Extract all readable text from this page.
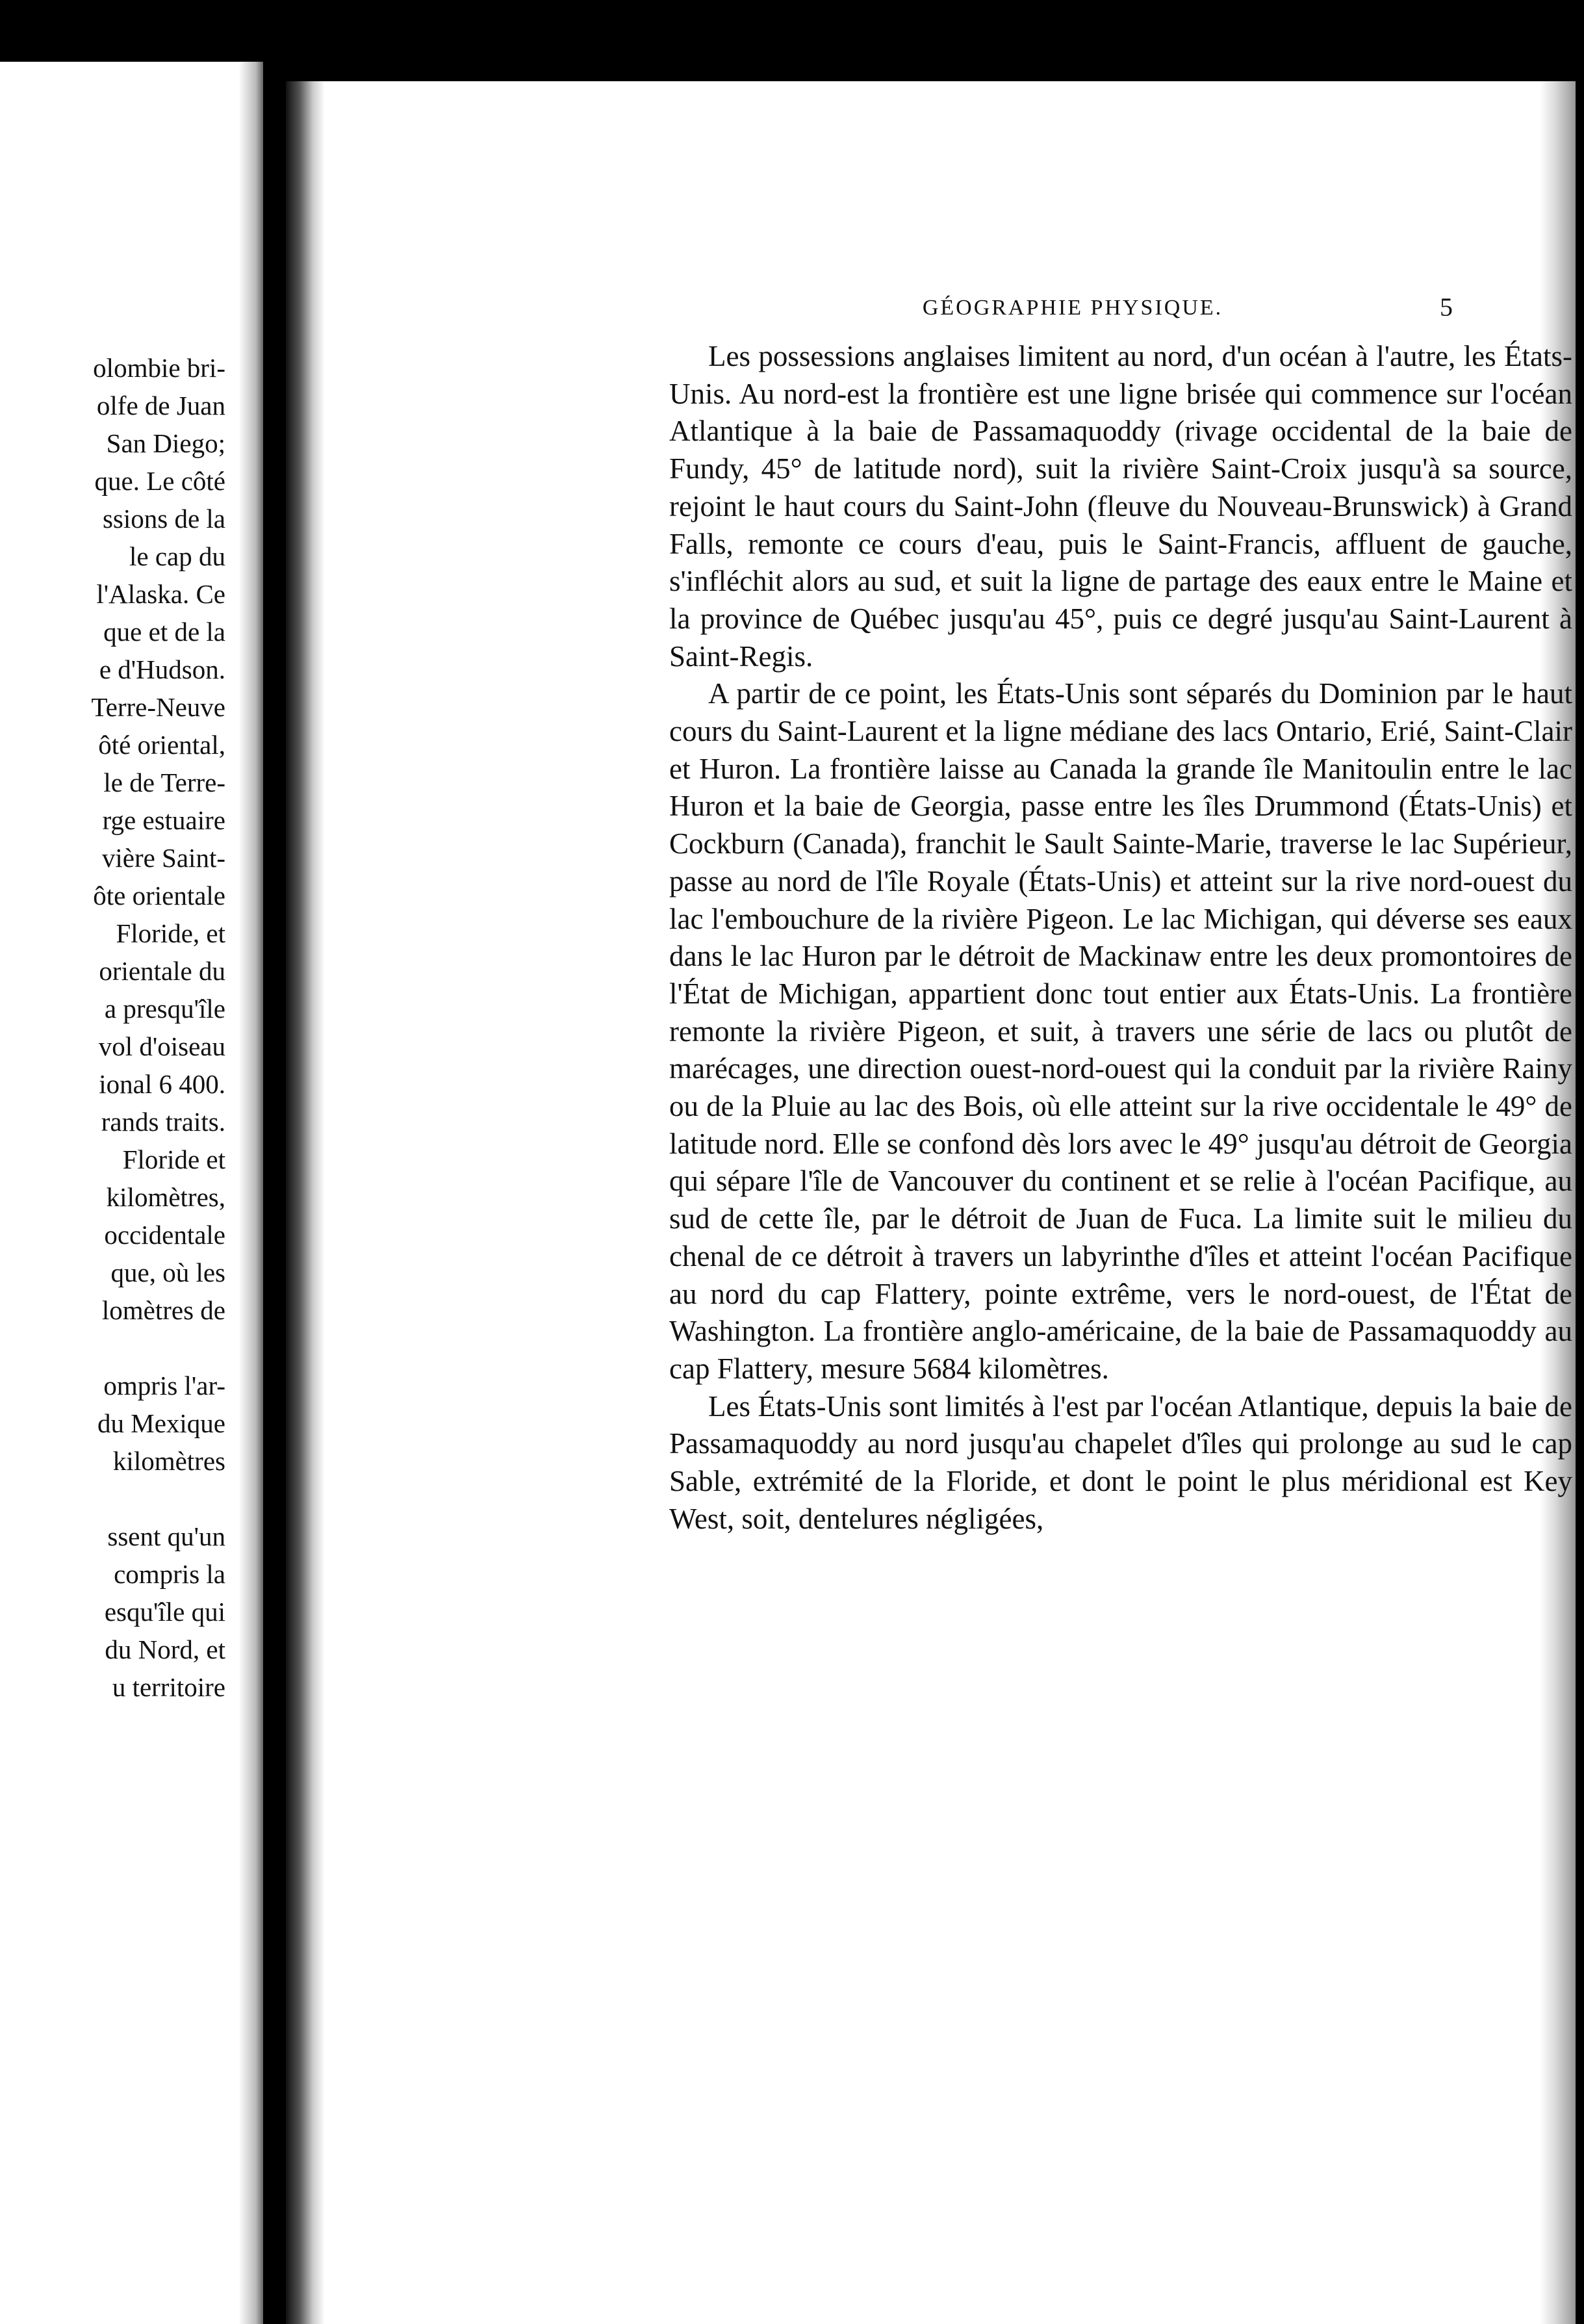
olombie bri-
olfe de Juan
San Diego;
que. Le côté
ssions de la
le cap du
l'Alaska. Ce
que et de la
e d'Hudson.
Terre-Neuve
ôté oriental,
le de Terre-
rge estuaire
vière Saint-
ôte orientale
Floride, et
orientale du
a presqu'île
vol d'oiseau
ional 6 400.
rands traits.
Floride et
kilomètres,
occidentale
que, où les
lomètres de
ompris l'ar-
du Mexique
kilomètres
ssent qu'un
compris la
esqu'île qui
du Nord, et
u territoire
GÉOGRAPHIE PHYSIQUE.	5

Les possessions anglaises limitent au nord, d'un océan à l'autre, les États-Unis. Au nord-est la frontière est une ligne brisée qui commence sur l'océan Atlantique à la baie de Passamaquoddy (rivage occidental de la baie de Fundy, 45° de latitude nord), suit la rivière Saint-Croix jusqu'à sa source, rejoint le haut cours du Saint-John (fleuve du Nouveau-Brunswick) à Grand Falls, remonte ce cours d'eau, puis le Saint-Francis, affluent de gauche, s'infléchit alors au sud, et suit la ligne de partage des eaux entre le Maine et la province de Québec jusqu'au 45°, puis ce degré jusqu'au Saint-Laurent à Saint-Regis.

A partir de ce point, les États-Unis sont séparés du Dominion par le haut cours du Saint-Laurent et la ligne médiane des lacs Ontario, Erié, Saint-Clair et Huron. La frontière laisse au Canada la grande île Manitoulin entre le lac Huron et la baie de Georgia, passe entre les îles Drummond (États-Unis) et Cockburn (Canada), franchit le Sault Sainte-Marie, traverse le lac Supérieur, passe au nord de l'île Royale (États-Unis) et atteint sur la rive nord-ouest du lac l'embouchure de la rivière Pigeon. Le lac Michigan, qui déverse ses eaux dans le lac Huron par le détroit de Mackinaw entre les deux promontoires de l'État de Michigan, appartient donc tout entier aux États-Unis. La frontière remonte la rivière Pigeon, et suit, à travers une série de lacs ou plutôt de marécages, une direction ouest-nord-ouest qui la conduit par la rivière Rainy ou de la Pluie au lac des Bois, où elle atteint sur la rive occidentale le 49° de latitude nord. Elle se confond dès lors avec le 49° jusqu'au détroit de Georgia qui sépare l'île de Vancouver du continent et se relie à l'océan Pacifique, au sud de cette île, par le détroit de Juan de Fuca. La limite suit le milieu du chenal de ce détroit à travers un labyrinthe d'îles et atteint l'océan Pacifique au nord du cap Flattery, pointe extrême, vers le nord-ouest, de l'État de Washington. La frontière anglo-américaine, de la baie de Passamaquoddy au cap Flattery, mesure 5684 kilomètres.

Les États-Unis sont limités à l'est par l'océan Atlantique, depuis la baie de Passamaquoddy au nord jusqu'au chapelet d'îles qui prolonge au sud le cap Sable, extrémité de la Floride, et dont le point le plus méridional est Key West, soit, dentelures négligées,
